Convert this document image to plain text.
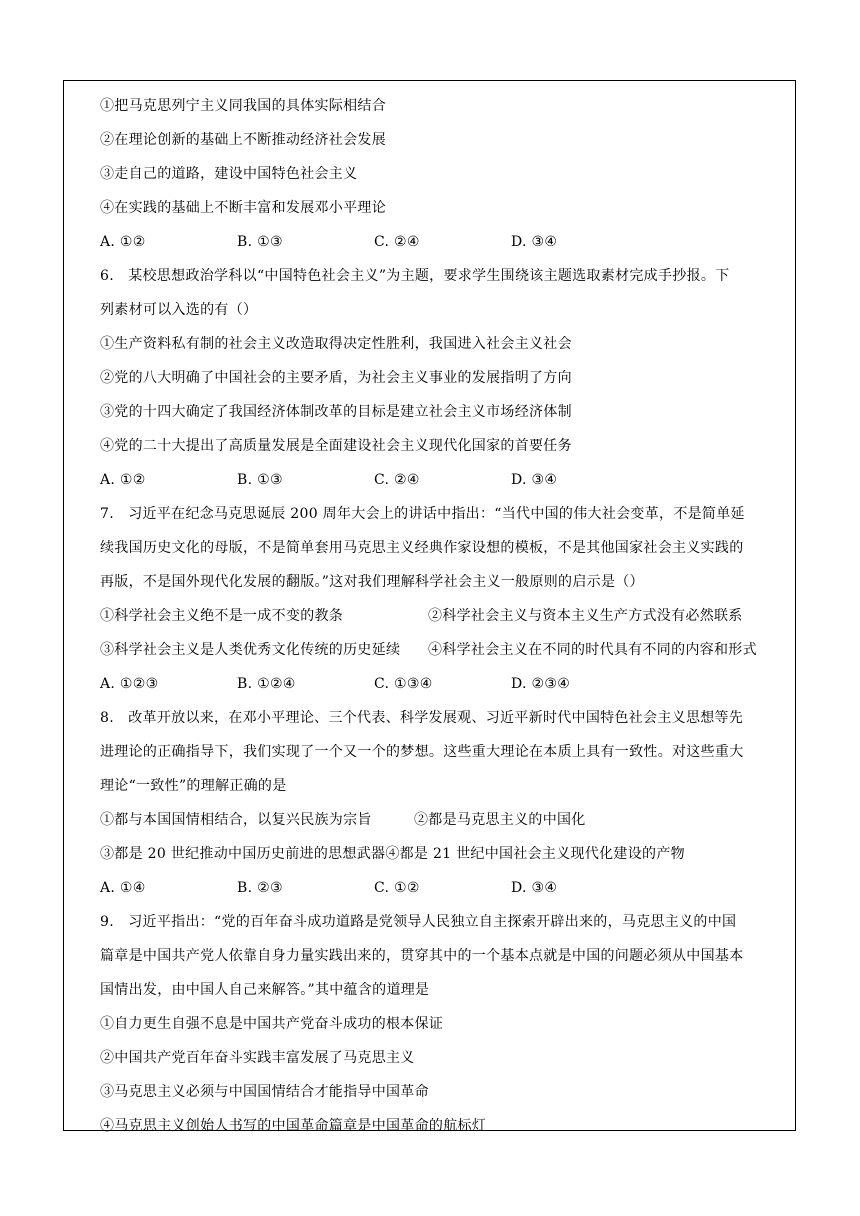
①把马克思列宁主义同我国的具体实际相结合
②在理论创新的基础上不断推动经济社会发展
③走自己的道路，建设中国特色社会主义
④在实践的基础上不断丰富和发展邓小平理论
A. ①②	B. ①③	C. ②④	D. ③④
6.　某校思想政治学科以“中国特色社会主义”为主题，要求学生围绕该主题选取素材完成手抄报。下
列素材可以入选的有（）
①生产资料私有制的社会主义改造取得决定性胜利，我国进入社会主义社会
②党的八大明确了中国社会的主要矛盾，为社会主义事业的发展指明了方向
③党的十四大确定了我国经济体制改革的目标是建立社会主义市场经济体制
④党的二十大提出了高质量发展是全面建设社会主义现代化国家的首要任务
A. ①②	B. ①③	C. ②④	D. ③④
7.　习近平在纪念马克思诞辰 200 周年大会上的讲话中指出：“当代中国的伟大社会变革，不是简单延
续我国历史文化的母版，不是简单套用马克思主义经典作家设想的模板，不是其他国家社会主义实践的
再版，不是国外现代化发展的翻版。”这对我们理解科学社会主义一般原则的启示是（）
①科学社会主义绝不是一成不变的教条	②科学社会主义与资本主义生产方式没有必然联系
③科学社会主义是人类优秀文化传统的历史延续	④科学社会主义在不同的时代具有不同的内容和形式
A. ①②③	B. ①②④	C. ①③④	D. ②③④
8.　改革开放以来，在邓小平理论、三个代表、科学发展观、习近平新时代中国特色社会主义思想等先
进理论的正确指导下，我们实现了一个又一个的梦想。这些重大理论在本质上具有一致性。对这些重大
理论“一致性”的理解正确的是
①都与本国国情相结合，以复兴民族为宗旨	②都是马克思主义的中国化
③都是 20 世纪推动中国历史前进的思想武器④都是 21 世纪中国社会主义现代化建设的产物
A. ①④	B. ②③	C. ①②	D. ③④
9.　习近平指出：“党的百年奋斗成功道路是党领导人民独立自主探索开辟出来的，马克思主义的中国
篇章是中国共产党人依靠自身力量实践出来的，贯穿其中的一个基本点就是中国的问题必须从中国基本
国情出发，由中国人自己来解答。”其中蕴含的道理是
①自力更生自强不息是中国共产党奋斗成功的根本保证
②中国共产党百年奋斗实践丰富发展了马克思主义
③马克思主义必须与中国国情结合才能指导中国革命
④马克思主义创始人书写的中国革命篇章是中国革命的航标灯
